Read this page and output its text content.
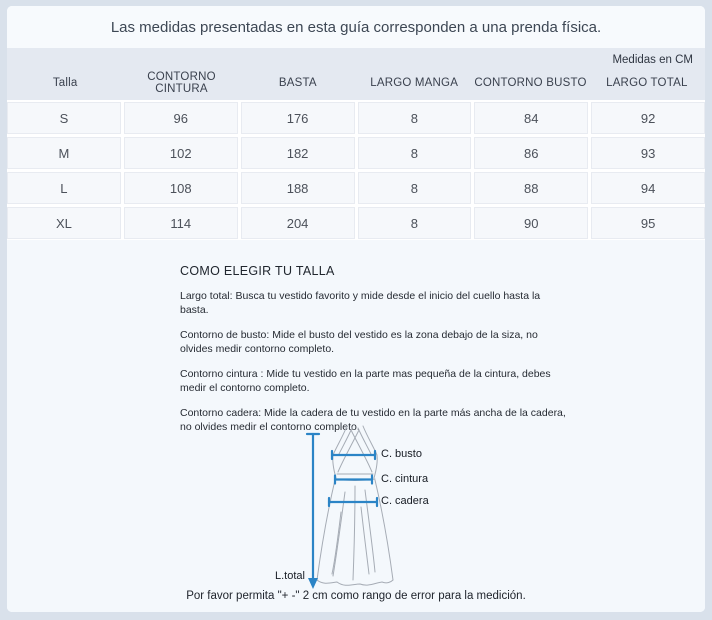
Las medidas presentadas en esta guía corresponden a una prenda física.

Medidas en CM
Talla	CONTORNO CINTURA	BASTA	LARGO MANGA	CONTORNO BUSTO	LARGO TOTAL
S	96	176	8	84	92
M	102	182	8	86	93
L	108	188	8	88	94
XL	114	204	8	90	95
COMO ELEGIR TU TALLA

Largo total: Busca tu vestido favorito y mide desde el inicio del cuello hasta la basta.

Contorno de busto: Mide el busto del vestido es la zona debajo de la siza, no olvides medir contorno completo.

Contorno cintura : Mide tu vestido en la parte mas pequeña de la cintura, debes medir el contorno completo.

Contorno cadera: Mide la cadera de tu vestido en la parte más ancha de la cadera, no olvides medir el contorno completo.

C. busto
C. cintura
C. cadera
L.total

Por favor permita "+ -" 2 cm como rango de error para la medición.
